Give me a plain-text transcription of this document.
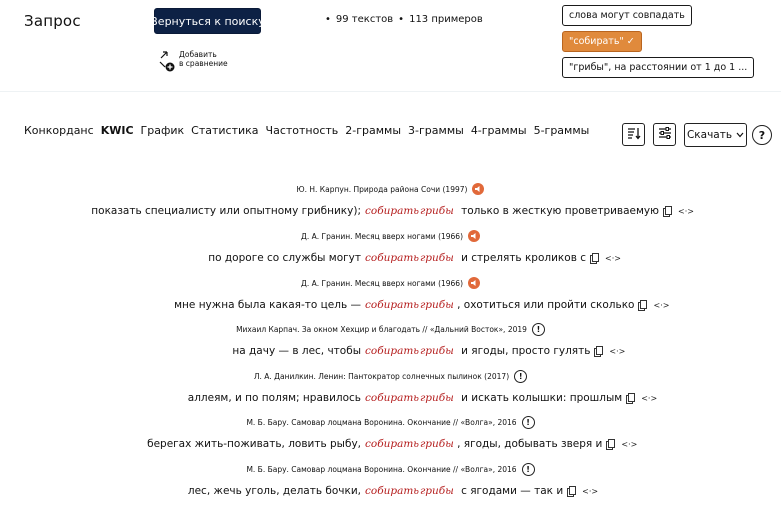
Запрос	Вернуться к поиску	• 99 текстов • 113 примеров
Добавить
в сравнение
слова могут совпадать
"собирать" ✓
"грибы", на расстоянии от 1 до 1 ...
Конкорданс KWIC График Статистика Частотность 2-граммы 3-граммы 4-граммы 5-граммы	Скачать	?
Ю. Н. Карпун. Природа района Сочи (1997)
показать специалисту или опытному грибнику); собирать грибы только в жесткую проветриваемую <·>
Д. А. Гранин. Месяц вверх ногами (1966)
по дороге со службы могут собирать грибы и стрелять кроликов с <·>
Д. А. Гранин. Месяц вверх ногами (1966)
мне нужна была какая-то цель — собирать грибы , охотиться или пройти сколько <·>
Михаил Карпач. За окном Хехцир и благодать // «Дальний Восток», 2019	!
на дачу — в лес, чтобы собирать грибы и ягоды, просто гулять <·>
Л. А. Данилкин. Ленин: Пантократор солнечных пылинок (2017)	!
аллеям, и по полям; нравилось собирать грибы и искать колышки: прошлым <·>
М. Б. Бару. Самовар лоцмана Воронина. Окончание // «Волга», 2016	!
берегах жить-поживать, ловить рыбу, собирать грибы , ягоды, добывать зверя и <·>
М. Б. Бару. Самовар лоцмана Воронина. Окончание // «Волга», 2016	!
лес, жечь уголь, делать бочки, собирать грибы с ягодами — так и <·>
